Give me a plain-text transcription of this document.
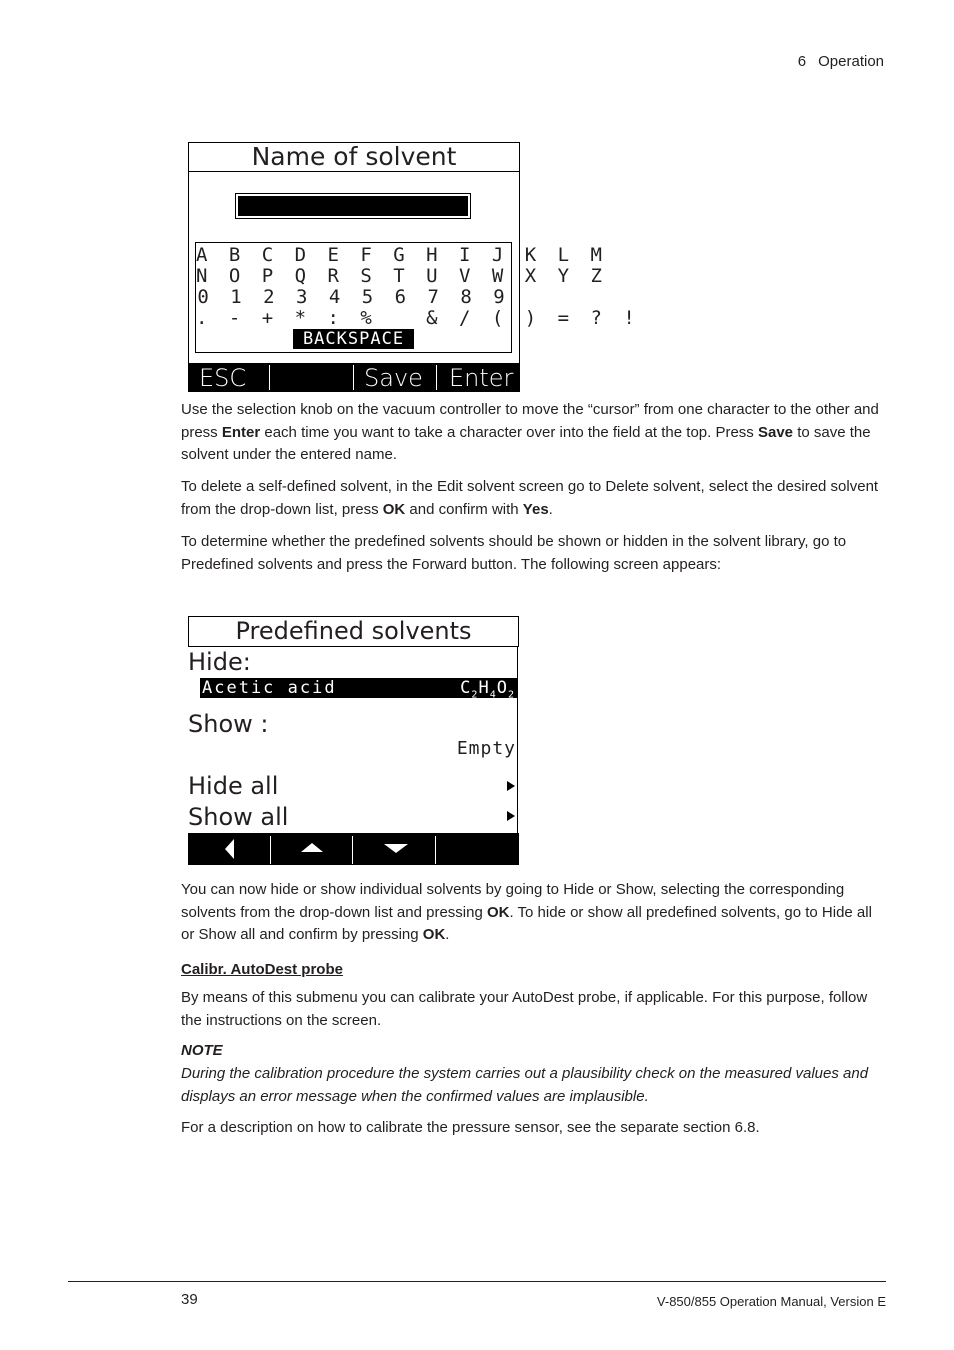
6 Operation
Name of solvent
A B C D E F G H I J K L M
N O P Q R S T U V W X Y Z
0 1 2 3 4 5 6 7 8 9
. - + * : %   & / ( ) = ? !
BACKSPACE
ESC	Save Enter

Use the selection knob on the vacuum controller to move the “cursor” from one character to the other and press Enter each time you want to take a character over into the field at the top. Press Save to save the solvent under the entered name.

To delete a self-defined solvent, in the Edit solvent screen go to Delete solvent, select the desired solvent from the drop-down list, press OK and confirm with Yes.

To determine whether the predefined solvents should be shown or hidden in the solvent library, go to Predefined solvents and press the Forward button. The following screen appears:

Predefined solvents
Hide:
Acetic acid	$C_2H_4O_2$
Show :
Empty
Hide all
Show all

You can now hide or show individual solvents by going to Hide or Show, selecting the corresponding solvents from the drop-down list and pressing OK. To hide or show all predefined solvents, go to Hide all or Show all and confirm by pressing OK.

Calibr. AutoDest probe

By means of this submenu you can calibrate your AutoDest probe, if applicable. For this purpose, follow the instructions on the screen.

NOTE

During the calibration procedure the system carries out a plausibility check on the measured values and displays an error message when the confirmed values are implausible.

For a description on how to calibrate the pressure sensor, see the separate section 6.8.

39	V-850/855 Operation Manual, Version E
